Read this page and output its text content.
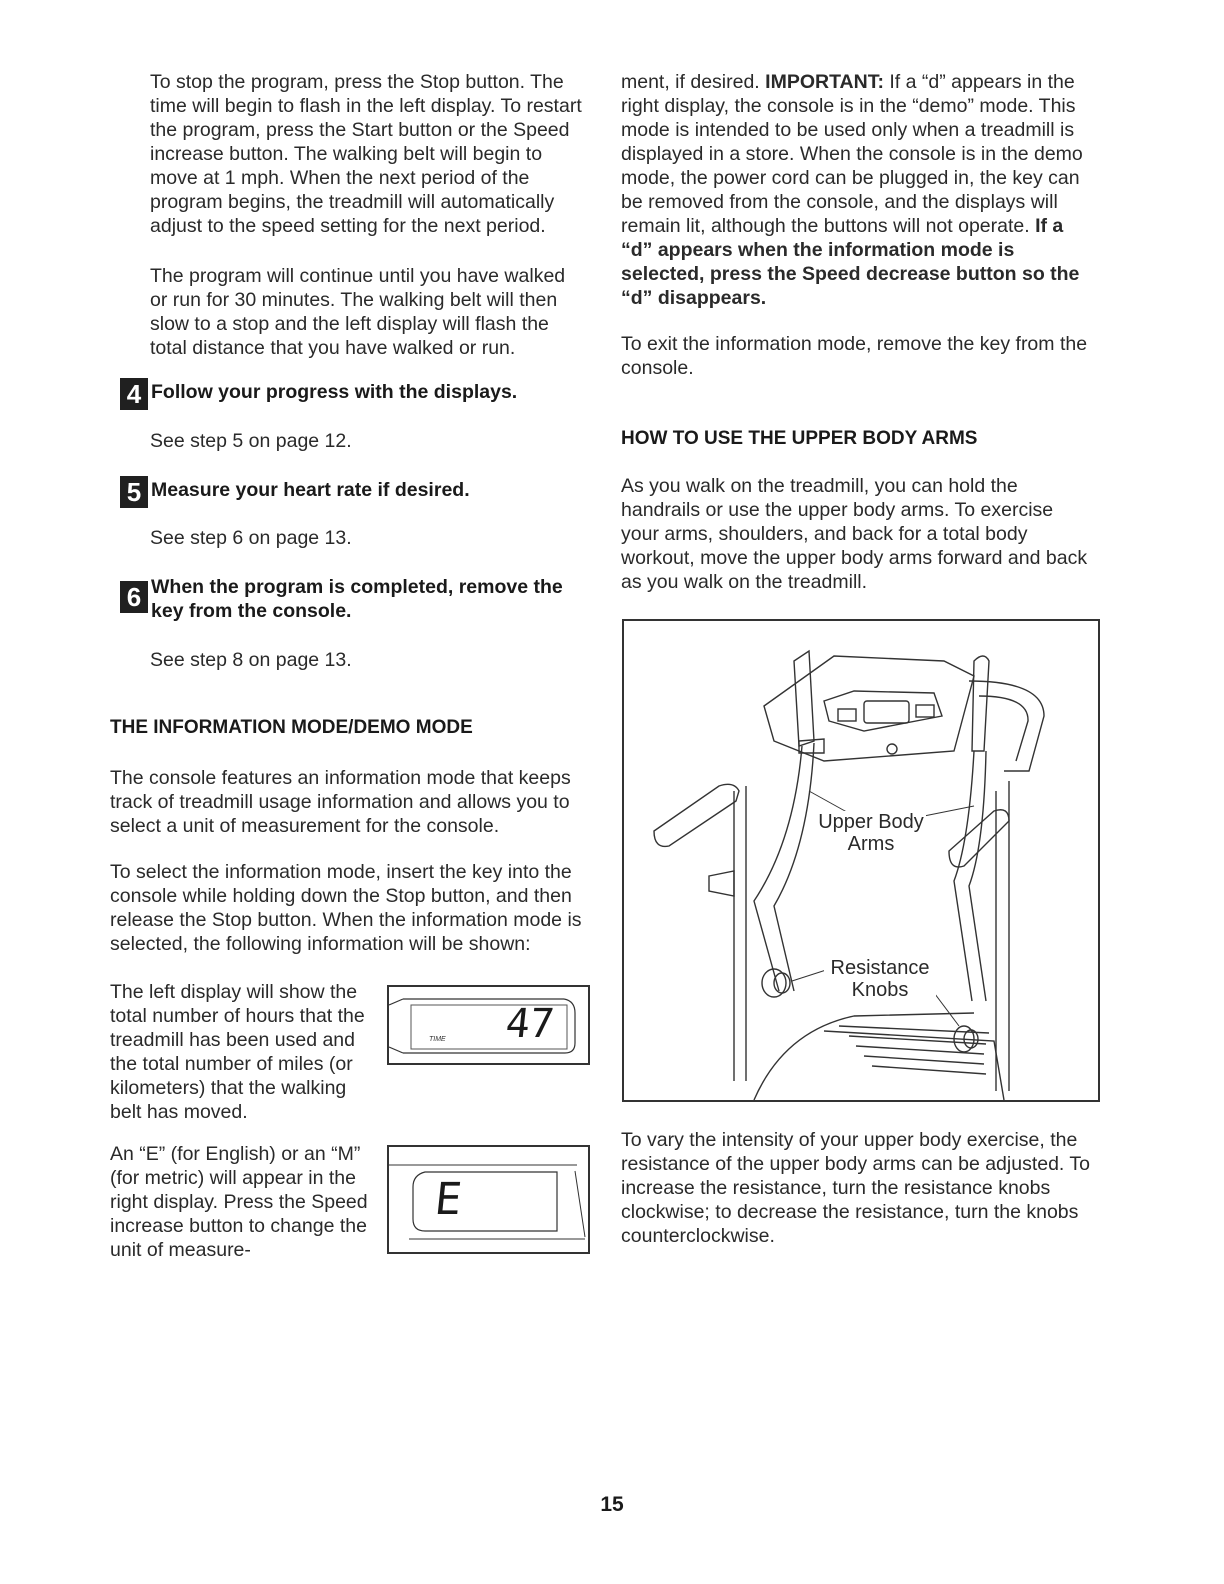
To stop the program, press the Stop button. The time will begin to flash in the left display. To restart the program, press the Start button or the Speed increase button. The walking belt will begin to move at 1 mph. When the next period of the program begins, the treadmill will automatically adjust to the speed setting for the next period.

The program will continue until you have walked or run for 30 minutes. The walking belt will then slow to a stop and the left display will flash the total distance that you have walked or run.

4 Follow your progress with the displays.

See step 5 on page 12.

5 Measure your heart rate if desired.

See step 6 on page 13.

6 When the program is completed, remove the
key from the console.

See step 8 on page 13.

THE INFORMATION MODE/DEMO MODE

The console features an information mode that keeps track of treadmill usage information and allows you to select a unit of measurement for the console.

To select the information mode, insert the key into the console while holding down the Stop button, and then release the Stop button. When the information mode is selected, the following information will be shown:

The left display will show the total number of hours that the treadmill has been used and the total number of miles (or kilometers) that the walking belt has moved.

An “E” (for English) or an “M” (for metric) will appear in the right display. Press the Speed increase button to change the unit of measure-

47
TIME
E

ment, if desired. IMPORTANT: If a “d” appears in the right display, the console is in the “demo” mode. This mode is intended to be used only when a treadmill is displayed in a store. When the console is in the demo mode, the power cord can be plugged in, the key can be removed from the console, and the displays will remain lit, although the buttons will not operate. If a “d” appears when the information mode is selected, press the Speed decrease button so the “d” disappears.

To exit the information mode, remove the key from the console.

HOW TO USE THE UPPER BODY ARMS

As you walk on the treadmill, you can hold the handrails or use the upper body arms. To exercise your arms, shoulders, and back for a total body workout, move the upper body arms forward and back as you walk on the treadmill.

Upper Body
Arms
Resistance
Knobs

To vary the intensity of your upper body exercise, the resistance of the upper body arms can be adjusted. To increase the resistance, turn the resistance knobs clockwise; to decrease the resistance, turn the knobs counterclockwise.

15
